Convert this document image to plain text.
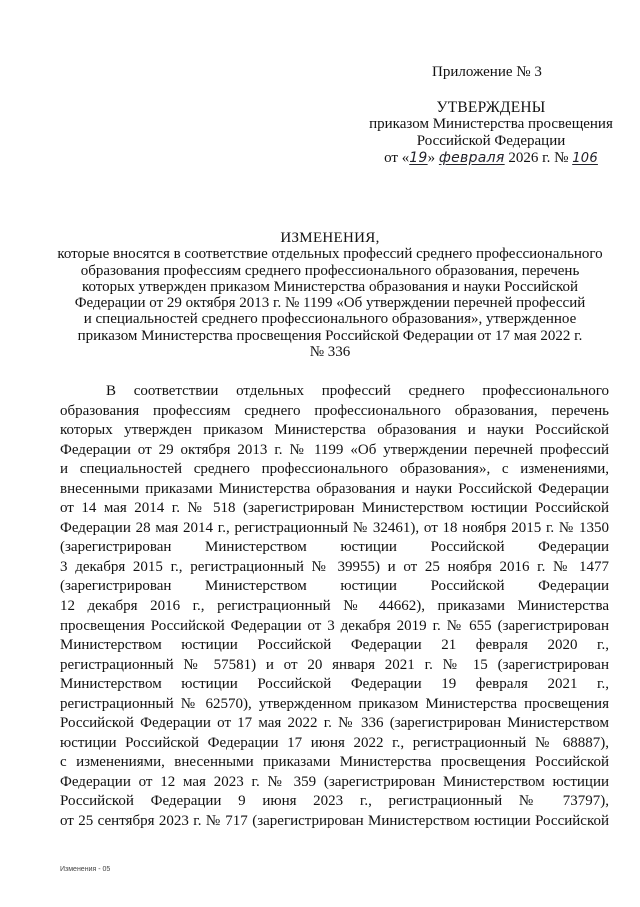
Приложение № 3
УТВЕРЖДЕНЫ
приказом Министерства просвещения
Российской Федерации
от «19» февраля 2026 г. № 106
ИЗМЕНЕНИЯ,
которые вносятся в соответствие отдельных профессий среднего профессионального
образования профессиям среднего профессионального образования, перечень
которых утвержден приказом Министерства образования и науки Российской
Федерации от 29 октября 2013 г. № 1199 «Об утверждении перечней профессий
и специальностей среднего профессионального образования», утвержденное
приказом Министерства просвещения Российской Федерации от 17 мая 2022 г.
№ 336
В соответствии отдельных профессий среднего профессионального
образования профессиям среднего профессионального образования, перечень
которых утвержден приказом Министерства образования и науки Российской
Федерации от 29 октября 2013 г. № 1199 «Об утверждении перечней профессий
и специальностей среднего профессионального образования», с изменениями,
внесенными приказами Министерства образования и науки Российской Федерации
от 14 мая 2014 г. № 518 (зарегистрирован Министерством юстиции Российской
Федерации 28 мая 2014 г., регистрационный № 32461), от 18 ноября 2015 г. № 1350
(зарегистрирован Министерством юстиции Российской Федерации
3 декабря 2015 г., регистрационный № 39955) и от 25 ноября 2016 г. № 1477
(зарегистрирован Министерством юстиции Российской Федерации
12 декабря 2016 г., регистрационный № 44662), приказами Министерства
просвещения Российской Федерации от 3 декабря 2019 г. № 655 (зарегистрирован
Министерством юстиции Российской Федерации 21 февраля 2020 г.,
регистрационный № 57581) и от 20 января 2021 г. № 15 (зарегистрирован
Министерством юстиции Российской Федерации 19 февраля 2021 г.,
регистрационный № 62570), утвержденном приказом Министерства просвещения
Российской Федерации от 17 мая 2022 г. № 336 (зарегистрирован Министерством
юстиции Российской Федерации 17 июня 2022 г., регистрационный № 68887),
с изменениями, внесенными приказами Министерства просвещения Российской
Федерации от 12 мая 2023 г. № 359 (зарегистрирован Министерством юстиции
Российской Федерации 9 июня 2023 г., регистрационный № 73797),
от 25 сентября 2023 г. № 717 (зарегистрирован Министерством юстиции Российской
Изменения - 05
